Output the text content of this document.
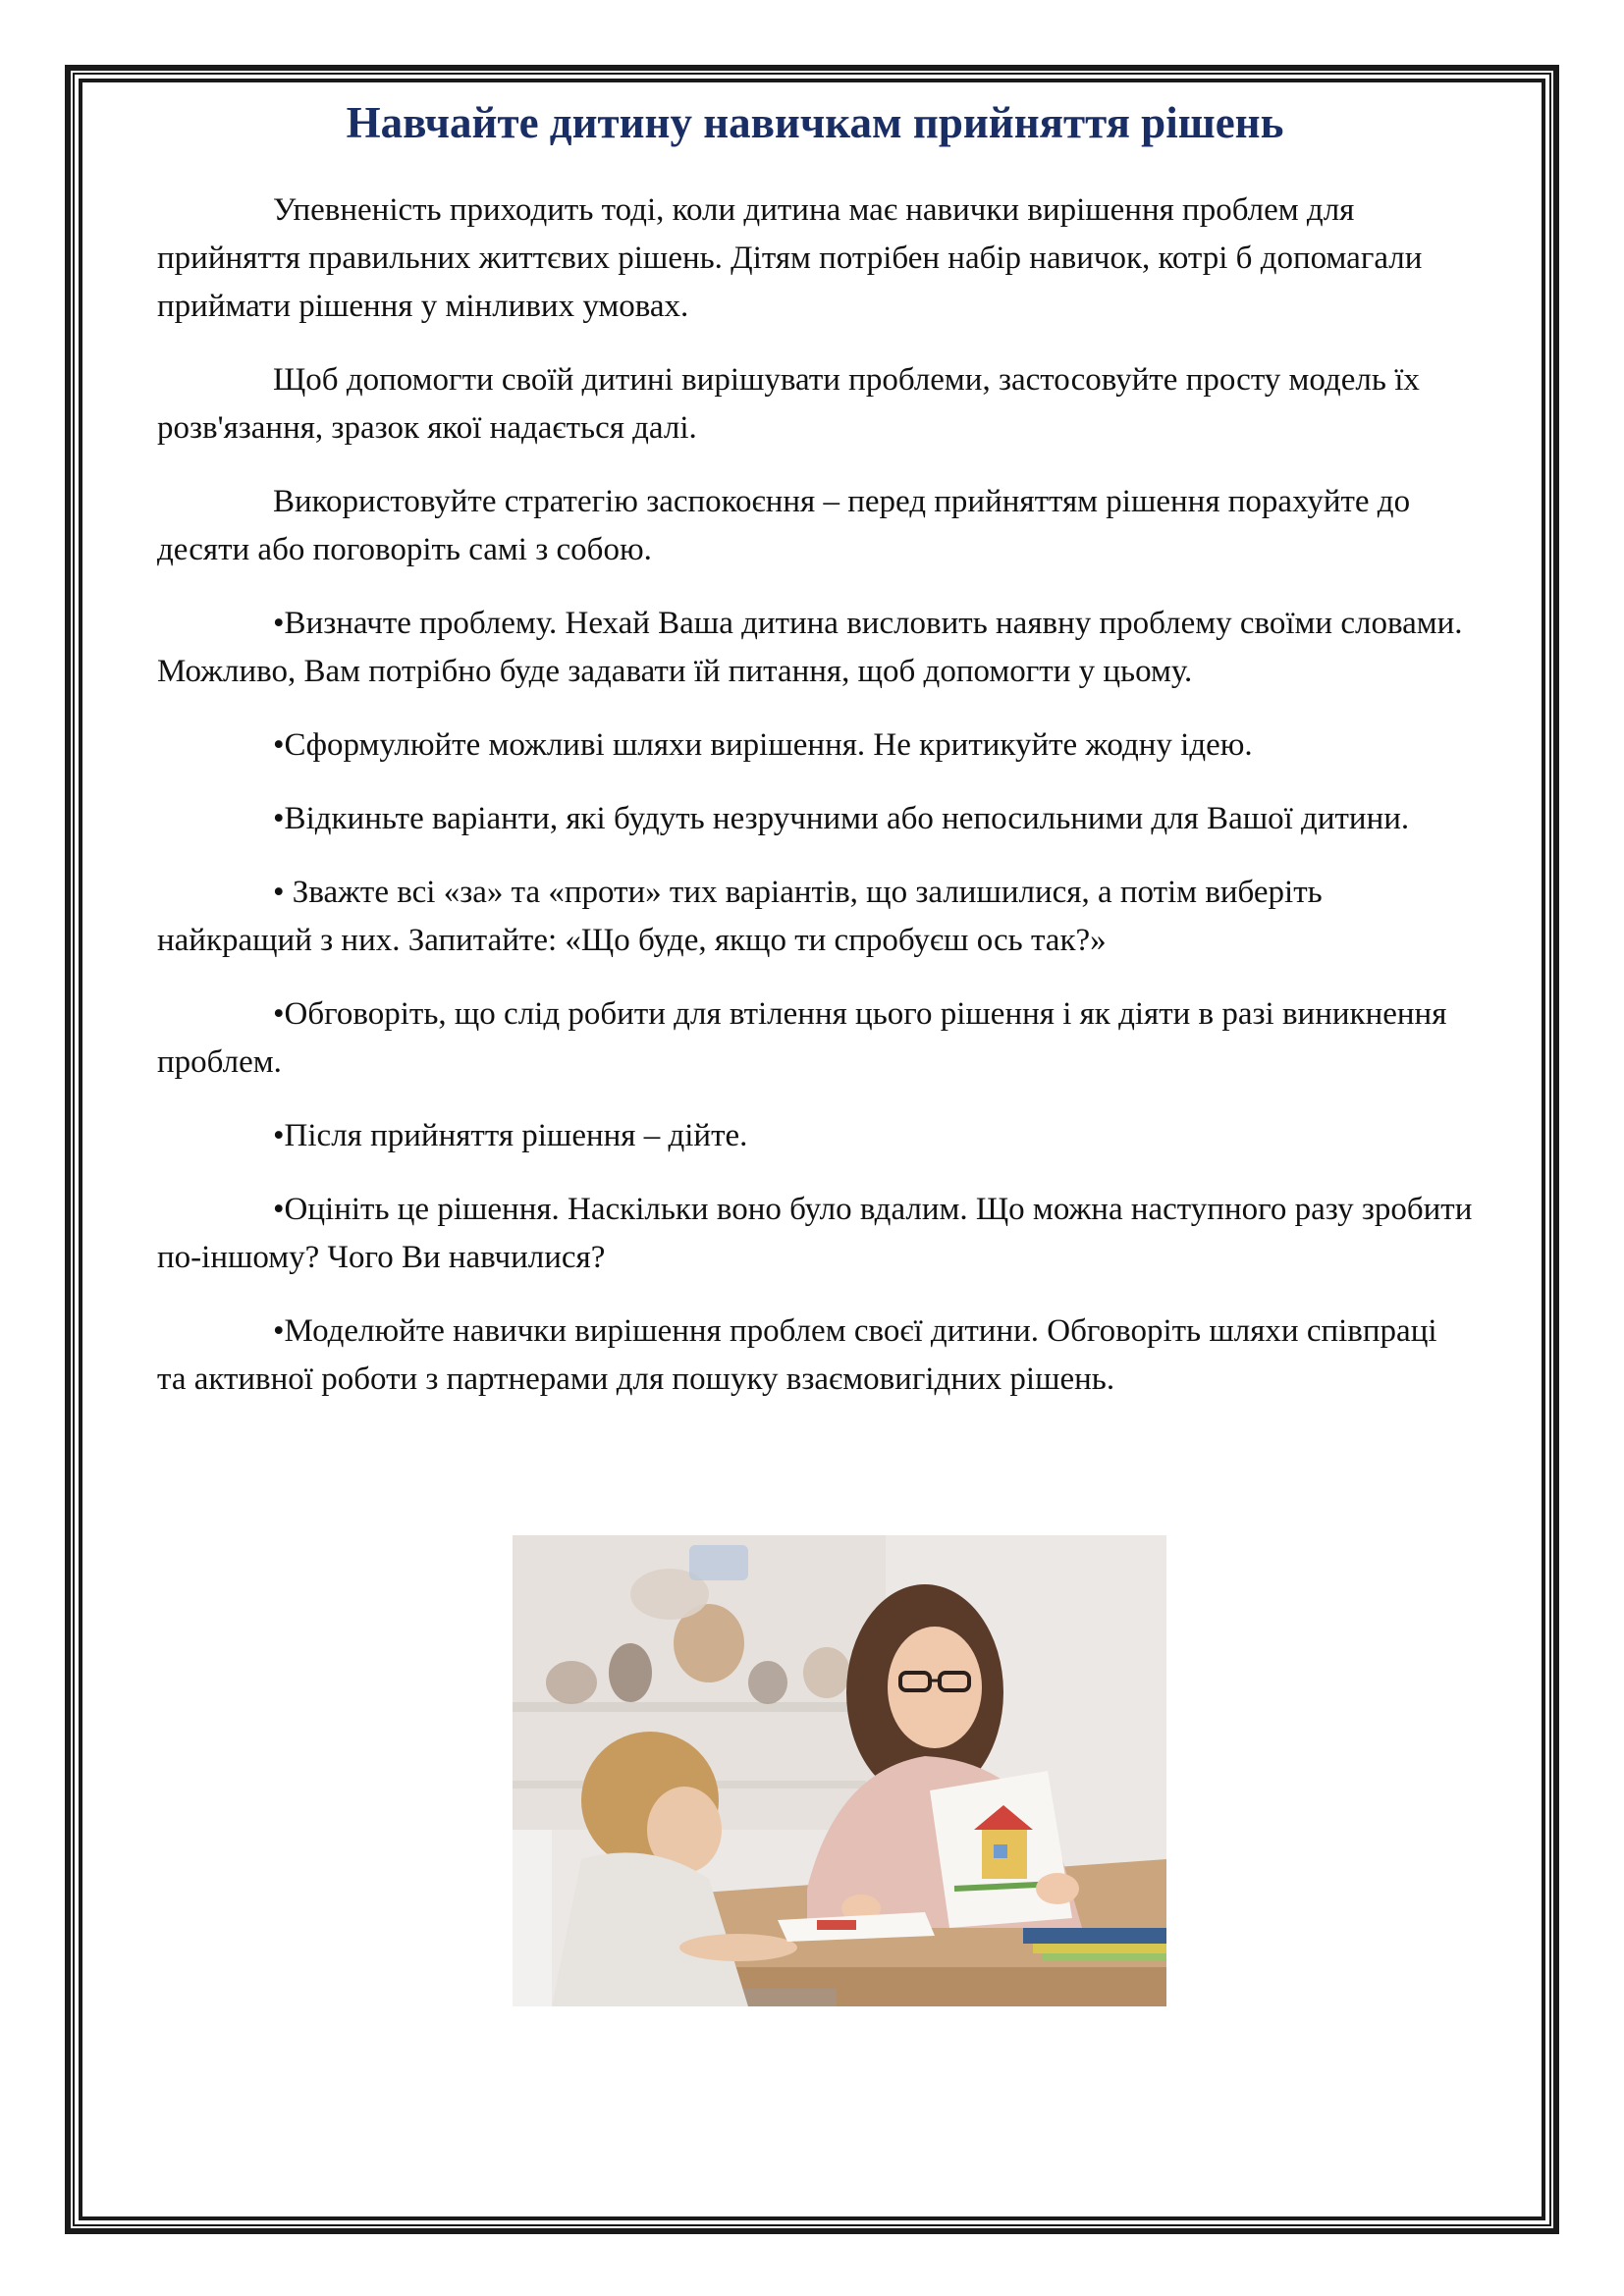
Навчайте дитину навичкам прийняття рішень

Упевненість приходить тоді, коли дитина має навички вирішення проблем для прийняття правильних життєвих рішень. Дітям потрібен набір навичок, котрі б допомагали приймати рішення у мінливих умовах.

Щоб допомогти своїй дитині вирішувати проблеми, застосовуйте просту модель їх розв'язання, зразок якої надається далі.

Використовуйте стратегію заспокоєння – перед прийняттям рішення порахуйте до десяти або поговоріть самі з собою.

•Визначте проблему. Нехай Ваша дитина висловить наявну проблему своїми словами. Можливо, Вам потрібно буде задавати їй питання, щоб допомогти у цьому.

•Сформулюйте можливі шляхи вирішення. Не критикуйте жодну ідею.

•Відкиньте варіанти, які будуть незручними або непосильними для Вашої дитини.

• Зважте всі «за» та «проти» тих варіантів, що залишилися, а потім виберіть найкращий з них. Запитайте: «Що буде, якщо ти спробуєш ось так?»

•Обговоріть, що слід робити для втілення цього рішення і як діяти в разі виникнення проблем.

•Після прийняття рішення – дійте.

•Оцініть це рішення. Наскільки воно було вдалим. Що можна наступного разу зробити по-іншому? Чого Ви навчилися?

•Моделюйте навички вирішення проблем своєї дитини. Обговоріть шляхи співпраці та активної роботи з партнерами для пошуку взаємовигідних рішень.
